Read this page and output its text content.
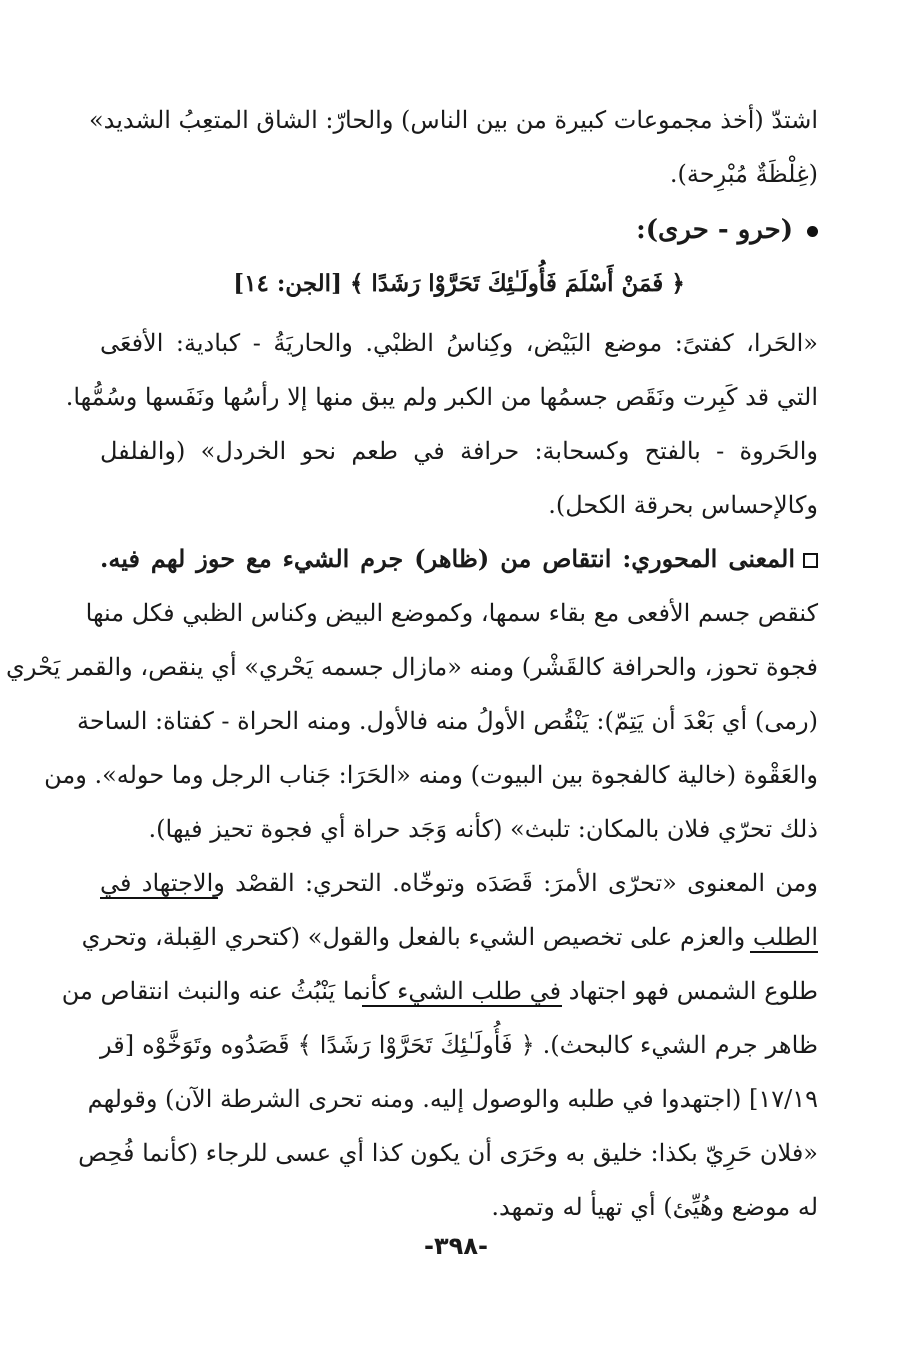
اشتدّ (أخذ مجموعات كبيرة من بين الناس) والحارّ: الشاق المتعِبُ الشديد»
(غِلْظَةٌ مُبْرِحة).
(حرو - حرى):
﴿ فَمَنْ أَسْلَمَ فَأُولَـٰئِكَ تَحَرَّوْا رَشَدًا ﴾ [الجن: ١٤]
«الحَرا، كفتىً: موضع البَيْض، وكِناسُ الظبْي. والحاريَةُ - كبادية: الأفعَى
التي قد كَبِرت ونَقَص جسمُها من الكبر ولم يبق منها إلا رأسُها ونَفَسها وسُمُّها.
والحَروة - بالفتح وكسحابة: حرافة في طعم نحو الخردل» (والفلفل
وكالإحساس بحرقة الكحل).
المعنى المحوري: انتقاص من (ظاهر) جرم الشيء مع حوز لهم فيه.
كنقص جسم الأفعى مع بقاء سمها، وكموضع البيض وكناس الظبي فكل منها
فجوة تحوز، والحرافة كالقَشْر) ومنه «مازال جسمه يَحْري» أي ينقص، والقمر يَحْري
(رمى) أي بَعْدَ أن يَتِمّ): يَنْقُص الأولُ منه فالأول. ومنه الحراة - كفتاة: الساحة
والعَقْوة (خالية كالفجوة بين البيوت) ومنه «الحَرَا: جَناب الرجل وما حوله». ومن
ذلك تحرّي فلان بالمكان: تلبث» (كأنه وَجَد حراة أي فجوة تحيز فيها).
ومن المعنوى «تحرّى الأمرَ: قَصَدَه وتوخّاه. التحري: القصْد والاجتهاد في
الطلب والعزم على تخصيص الشيء بالفعل والقول» (كتحري القِبلة، وتحري
طلوع الشمس فهو اجتهاد في طلب الشيء كأنما يَنْبُثُ عنه والنبث انتقاص من
ظاهر جرم الشيء كالبحث). ﴿ فَأُولَـٰئِكَ تَحَرَّوْا رَشَدًا ﴾ قَصَدُوه وتَوَخَّوْه [قر
١٧/١٩] (اجتهدوا في طلبه والوصول إليه. ومنه تحرى الشرطة الآن) وقولهم
«فلان حَرِيّ بكذا: خليق به وحَرَى أن يكون كذا أي عسى للرجاء (كأنما فُحِص
له موضع وهُيِّئ) أي تهيأ له وتمهد.
-٣٩٨-
